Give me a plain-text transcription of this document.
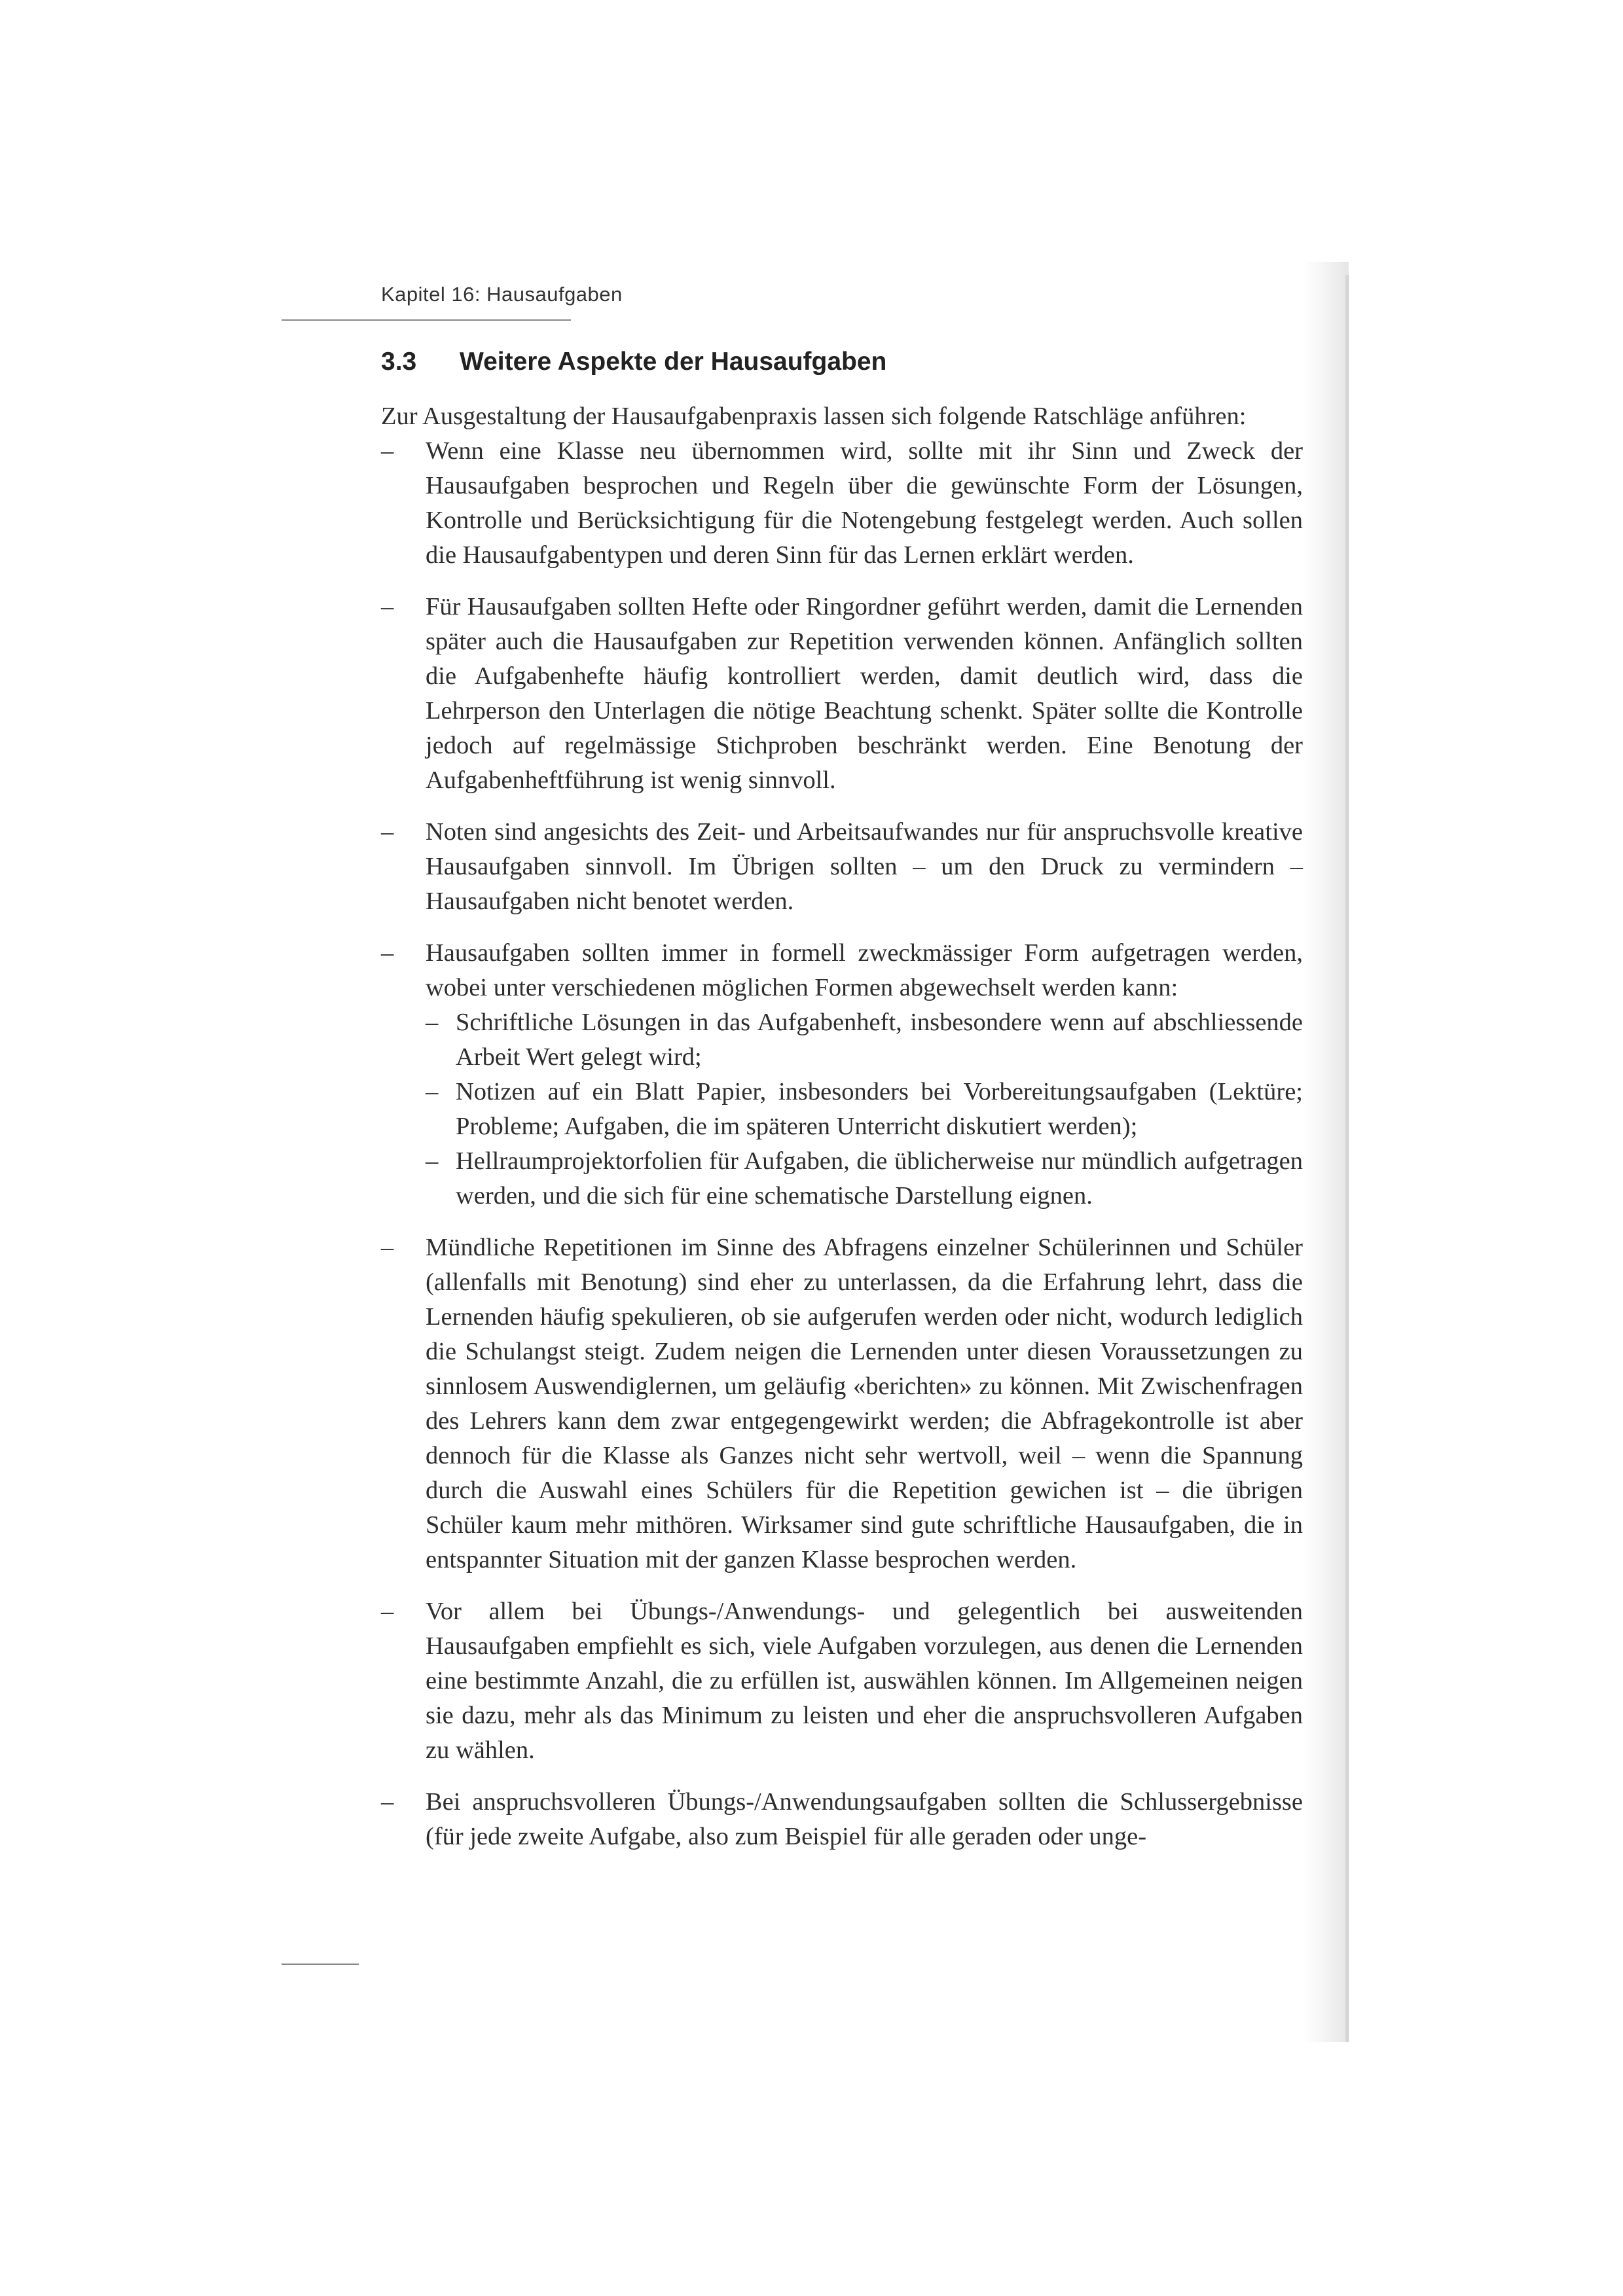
Kapitel 16: Hausaufgaben
3.3 Weitere Aspekte der Hausaufgaben

Zur Ausgestaltung der Hausaufgabenpraxis lassen sich folgende Ratschläge anführen:

– Wenn eine Klasse neu übernommen wird, sollte mit ihr Sinn und Zweck der Hausaufgaben besprochen und Regeln über die gewünschte Form der Lösungen, Kontrolle und Berücksichtigung für die Notengebung festgelegt werden. Auch sollen die Hausaufgabentypen und deren Sinn für das Lernen erklärt werden.
– Für Hausaufgaben sollten Hefte oder Ringordner geführt werden, damit die Lernenden später auch die Hausaufgaben zur Repetition verwenden können. Anfänglich sollten die Aufgabenhefte häufig kontrolliert werden, damit deutlich wird, dass die Lehrperson den Unterlagen die nötige Beachtung schenkt. Später sollte die Kontrolle jedoch auf regelmässige Stichproben beschränkt werden. Eine Benotung der Aufgabenheftführung ist wenig sinnvoll.
– Noten sind angesichts des Zeit- und Arbeitsaufwandes nur für anspruchsvolle kreative Hausaufgaben sinnvoll. Im Übrigen sollten – um den Druck zu vermindern – Hausaufgaben nicht benotet werden.
– Hausaufgaben sollten immer in formell zweckmässiger Form aufgetragen werden, wobei unter verschiedenen möglichen Formen abgewechselt werden kann:
– Schriftliche Lösungen in das Aufgabenheft, insbesondere wenn auf abschliessende Arbeit Wert gelegt wird;
– Notizen auf ein Blatt Papier, insbesonders bei Vorbereitungsaufgaben (Lektüre; Probleme; Aufgaben, die im späteren Unterricht diskutiert werden);
– Hellraumprojektorfolien für Aufgaben, die üblicherweise nur mündlich aufgetragen werden, und die sich für eine schematische Darstellung eignen.
– Mündliche Repetitionen im Sinne des Abfragens einzelner Schülerinnen und Schüler (allenfalls mit Benotung) sind eher zu unterlassen, da die Erfahrung lehrt, dass die Lernenden häufig spekulieren, ob sie aufgerufen werden oder nicht, wodurch lediglich die Schulangst steigt. Zudem neigen die Lernenden unter diesen Voraussetzungen zu sinnlosem Auswendiglernen, um geläufig «berichten» zu können. Mit Zwischenfragen des Lehrers kann dem zwar entgegengewirkt werden; die Abfragekontrolle ist aber dennoch für die Klasse als Ganzes nicht sehr wertvoll, weil – wenn die Spannung durch die Auswahl eines Schülers für die Repetition gewichen ist – die übrigen Schüler kaum mehr mithören. Wirksamer sind gute schriftliche Hausaufgaben, die in entspannter Situation mit der ganzen Klasse besprochen werden.
– Vor allem bei Übungs-/Anwendungs- und gelegentlich bei ausweitenden Hausaufgaben empfiehlt es sich, viele Aufgaben vorzulegen, aus denen die Lernenden eine bestimmte Anzahl, die zu erfüllen ist, auswählen können. Im Allgemeinen neigen sie dazu, mehr als das Minimum zu leisten und eher die anspruchsvolleren Aufgaben zu wählen.
– Bei anspruchsvolleren Übungs-/Anwendungsaufgaben sollten die Schlussergebnisse (für jede zweite Aufgabe, also zum Beispiel für alle geraden oder unge-
